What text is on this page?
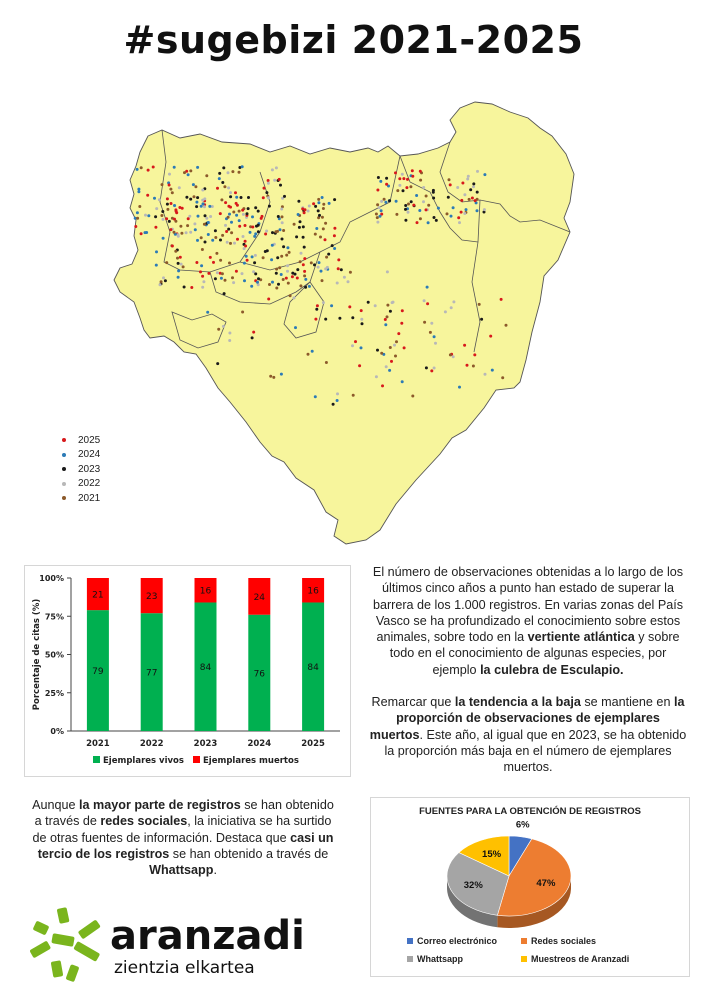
#sugebizi 2021-2025
2025
2024
2023
2022
2021
0%
25%
50%
75%
100%
Porcentaje de citas (%)	79
21
2021
77
23
2022
84
16
2023
76
24
2024
84
16
2025
Ejemplares vivos Ejemplares muertos
El número de observaciones obtenidas a lo largo de los últimos cinco años a punto han estado de superar la barrera de los 1.000 registros. En varias zonas del País Vasco se ha profundizado el conocimiento sobre estos animales, sobre todo en la vertiente atlántica y sobre todo en el conocimiento de algunas especies, por ejemplo la culebra de Esculapio.
Remarcar que la tendencia a la baja se mantiene en la proporción de observaciones de ejemplares muertos. Este año, al igual que en 2023, se ha obtenido la proporción más baja en el número de ejemplares muertos.
Aunque la mayor parte de registros se han obtenido a través de redes sociales, la iniciativa se ha surtido de otras fuentes de información. Destaca que casi un tercio de los registros se han obtenido a través de Whattsapp.
FUENTES PARA LA OBTENCIÓN DE REGISTROS
6%
47%
32%
15%
Correo electrónico	Redes sociales
Whattsapp	Muestreos de Aranzadi
aranzadi
zientzia elkartea
